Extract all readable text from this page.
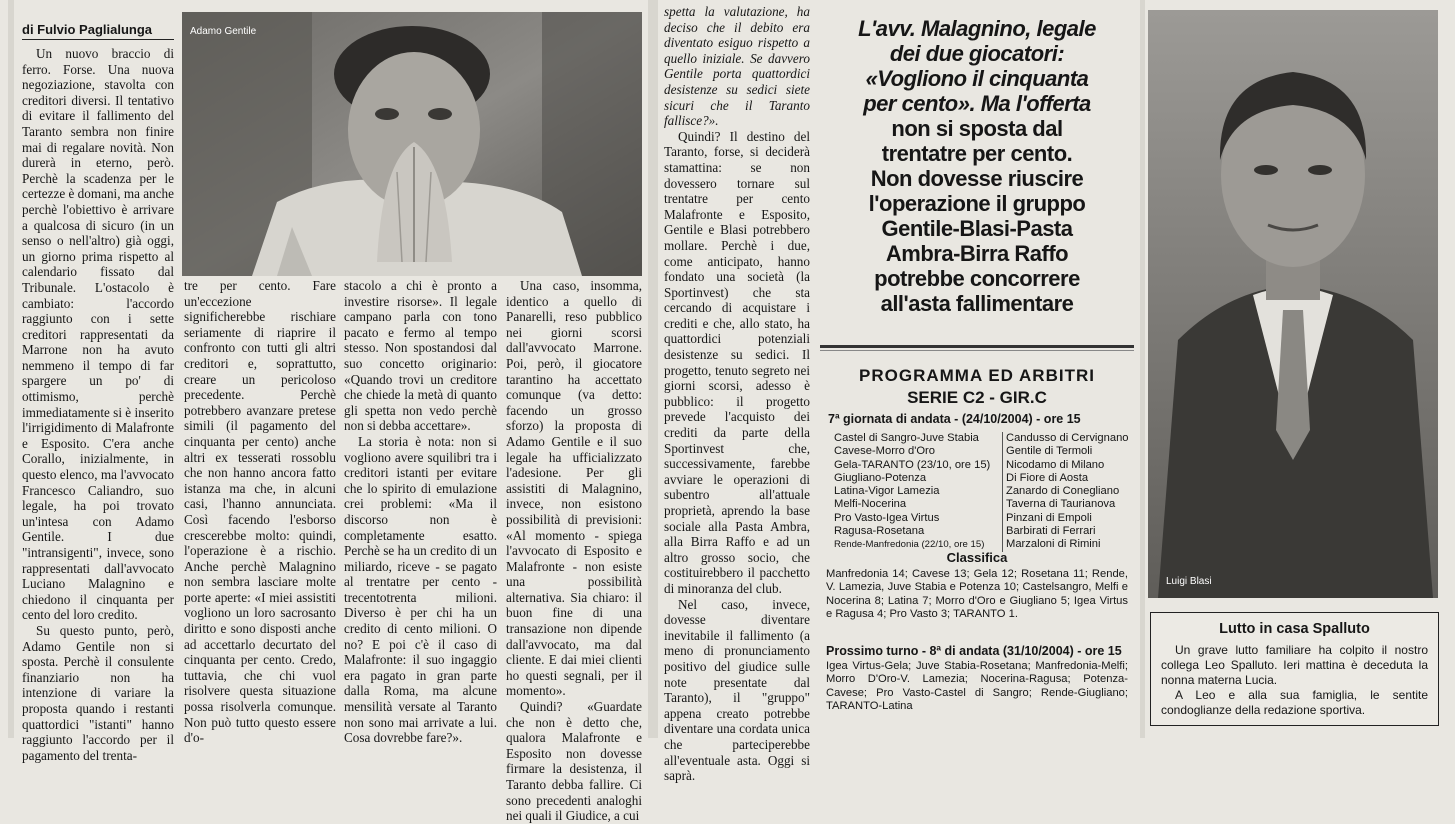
di Fulvio Paglialunga

Un nuovo braccio di ferro. Forse. Una nuova negoziazione, stavolta con creditori diversi. Il tentativo di evitare il fallimento del Taranto sembra non finire mai di regalare novità. Non durerà in eterno, però. Perchè la scadenza per le certezze è domani, ma anche perchè l'obiettivo è arrivare a qualcosa di sicuro (in un senso o nell'altro) già oggi, un giorno prima rispetto al calendario fissato dal Tribunale. L'ostacolo è cambiato: l'accordo raggiunto con i sette creditori rappresentati da Marrone non ha avuto nemmeno il tempo di far spargere un po' di ottimismo, perchè immediatamente si è inserito l'irrigidimento di Malafronte e Esposito. C'era anche Corallo, inizialmente, in questo elenco, ma l'avvocato Francesco Caliandro, suo legale, ha poi trovato un'intesa con Adamo Gentile. I due "intransigenti", invece, sono rappresentati dall'avvocato Luciano Malagnino e chiedono il cinquanta per cento del loro credito.

Su questo punto, però, Adamo Gentile non si sposta. Perchè il consulente finanziario non ha intenzione di variare la proposta quando i restanti quattordici "istanti" hanno raggiunto l'accordo per il pagamento del trenta-

Adamo Gentile

tre per cento. Fare un'eccezione significherebbe rischiare seriamente di riaprire il confronto con tutti gli altri creditori e, soprattutto, creare un pericoloso precedente. Perchè potrebbero avanzare pretese simili (il pagamento del cinquanta per cento) anche altri ex tesserati rossoblu che non hanno ancora fatto istanza ma che, in alcuni casi, l'hanno annunciata. Così facendo l'esborso crescerebbe molto: quindi, l'operazione è a rischio. Anche perchè Malagnino non sembra lasciare molte porte aperte: «I miei assistiti vogliono un loro sacrosanto diritto e sono disposti anche ad accettarlo decurtato del cinquanta per cento. Credo, tuttavia, che chi vuol risolvere questa situazione possa risolverla comunque. Non può tutto questo essere d'o-

stacolo a chi è pronto a investire risorse». Il legale campano parla con tono pacato e fermo al tempo stesso. Non spostandosi dal suo concetto originario: «Quando trovi un creditore che chiede la metà di quanto gli spetta non vedo perchè non si debba accettare».

La storia è nota: non si vogliono avere squilibri tra i creditori istanti per evitare che lo spirito di emulazione crei problemi: «Ma il discorso non è completamente esatto. Perchè se ha un credito di un miliardo, riceve - se pagato al trentatre per cento - trecentotrenta milioni. Diverso è per chi ha un credito di cento milioni. O no? E poi c'è il caso di Malafronte: il suo ingaggio era pagato in gran parte dalla Roma, ma alcune mensilità versate al Taranto non sono mai arrivate a lui. Cosa dovrebbe fare?».

Una caso, insomma, identico a quello di Panarelli, reso pubblico nei giorni scorsi dall'avvocato Marrone. Poi, però, il giocatore tarantino ha accettato comunque (va detto: facendo un grosso sforzo) la proposta di Adamo Gentile e il suo legale ha ufficializzato l'adesione. Per gli assistiti di Malagnino, invece, non esistono possibilità di previsioni: «Al momento - spiega l'avvocato di Esposito e Malafronte - non esiste una possibilità alternativa. Sia chiaro: il buon fine di una transazione non dipende dall'avvocato, ma dal cliente. E dai miei clienti ho questi segnali, per il momento».

Quindi? «Guardate che non è detto che, qualora Malafronte e Esposito non dovesse firmare la desistenza, il Taranto debba fallire. Ci sono precedenti analoghi nei quali il Giudice, a cui

spetta la valutazione, ha deciso che il debito era diventato esiguo rispetto a quello iniziale. Se davvero Gentile porta quattordici desistenze su sedici siete sicuri che il Taranto fallisce?».

Quindi? Il destino del Taranto, forse, si deciderà stamattina: se non dovessero tornare sul trentatre per cento Malafronte e Esposito, Gentile e Blasi potrebbero mollare. Perchè i due, come anticipato, hanno fondato una società (la Sportinvest) che sta cercando di acquistare i crediti e che, allo stato, ha quattordici potenziali desistenze su sedici. Il progetto, tenuto segreto nei giorni scorsi, adesso è pubblico: il progetto prevede l'acquisto dei crediti da parte della Sportinvest che, successivamente, farebbe avviare le operazioni di subentro all'attuale proprietà, aprendo la base sociale alla Pasta Ambra, alla Birra Raffo e ad un altro grosso socio, che costituirebbero il pacchetto di minoranza del club.

Nel caso, invece, dovesse diventare inevitabile il fallimento (a meno di pronunciamento positivo del giudice sulle note presentate dal Taranto), il "gruppo" appena creato potrebbe diventare una cordata unica che parteciperebbe all'eventuale asta. Oggi si saprà.

L'avv. Malagnino, legale
dei due giocatori:
«Vogliono il cinquanta
per cento». Ma l'offerta
non si sposta dal
trentatre per cento.
Non dovesse riuscire
l'operazione il gruppo
Gentile-Blasi-Pasta
Ambra-Birra Raffo
potrebbe concorrere
all'asta fallimentare
PROGRAMMA ED ARBITRI
SERIE C2 - GIR.C
7ª giornata di andata - (24/10/2004) - ore 15
Castel di Sangro-Juve Stabia	Candusso di Cervignano
Cavese-Morro d'Oro	Gentile di Termoli
Gela-TARANTO (23/10, ore 15)	Nicodamo di Milano
Giugliano-Potenza	Di Fiore di Aosta
Latina-Vigor Lamezia	Zanardo di Conegliano
Melfi-Nocerina	Taverna di Taurianova
Pro Vasto-Igea Virtus	Pinzani di Empoli
Ragusa-Rosetana	Barbirati di Ferrari
Rende-Manfredonia (22/10, ore 15)	Marzaloni di Rimini
Classifica
Manfredonia 14; Cavese 13; Gela 12; Rosetana 11; Rende, V. Lamezia, Juve Stabia e Potenza 10; Castelsangro, Melfi e Nocerina 8; Latina 7; Morro d'Oro e Giugliano 5; Igea Virtus e Ragusa 4; Pro Vasto 3; TARANTO 1.
Prossimo turno - 8ª di andata (31/10/2004) - ore 15
Igea Virtus-Gela; Juve Stabia-Rosetana; Manfredonia-Melfi; Morro D'Oro-V. Lamezia; Nocerina-Ragusa; Potenza-Cavese; Pro Vasto-Castel di Sangro; Rende-Giugliano; TARANTO-Latina
Luigi Blasi
Lutto in casa Spalluto
Un grave lutto familiare ha colpito il nostro collega Leo Spalluto. Ieri mattina è deceduta la nonna materna Lucia.
A Leo e alla sua famiglia, le sentite condoglianze della redazione sportiva.
